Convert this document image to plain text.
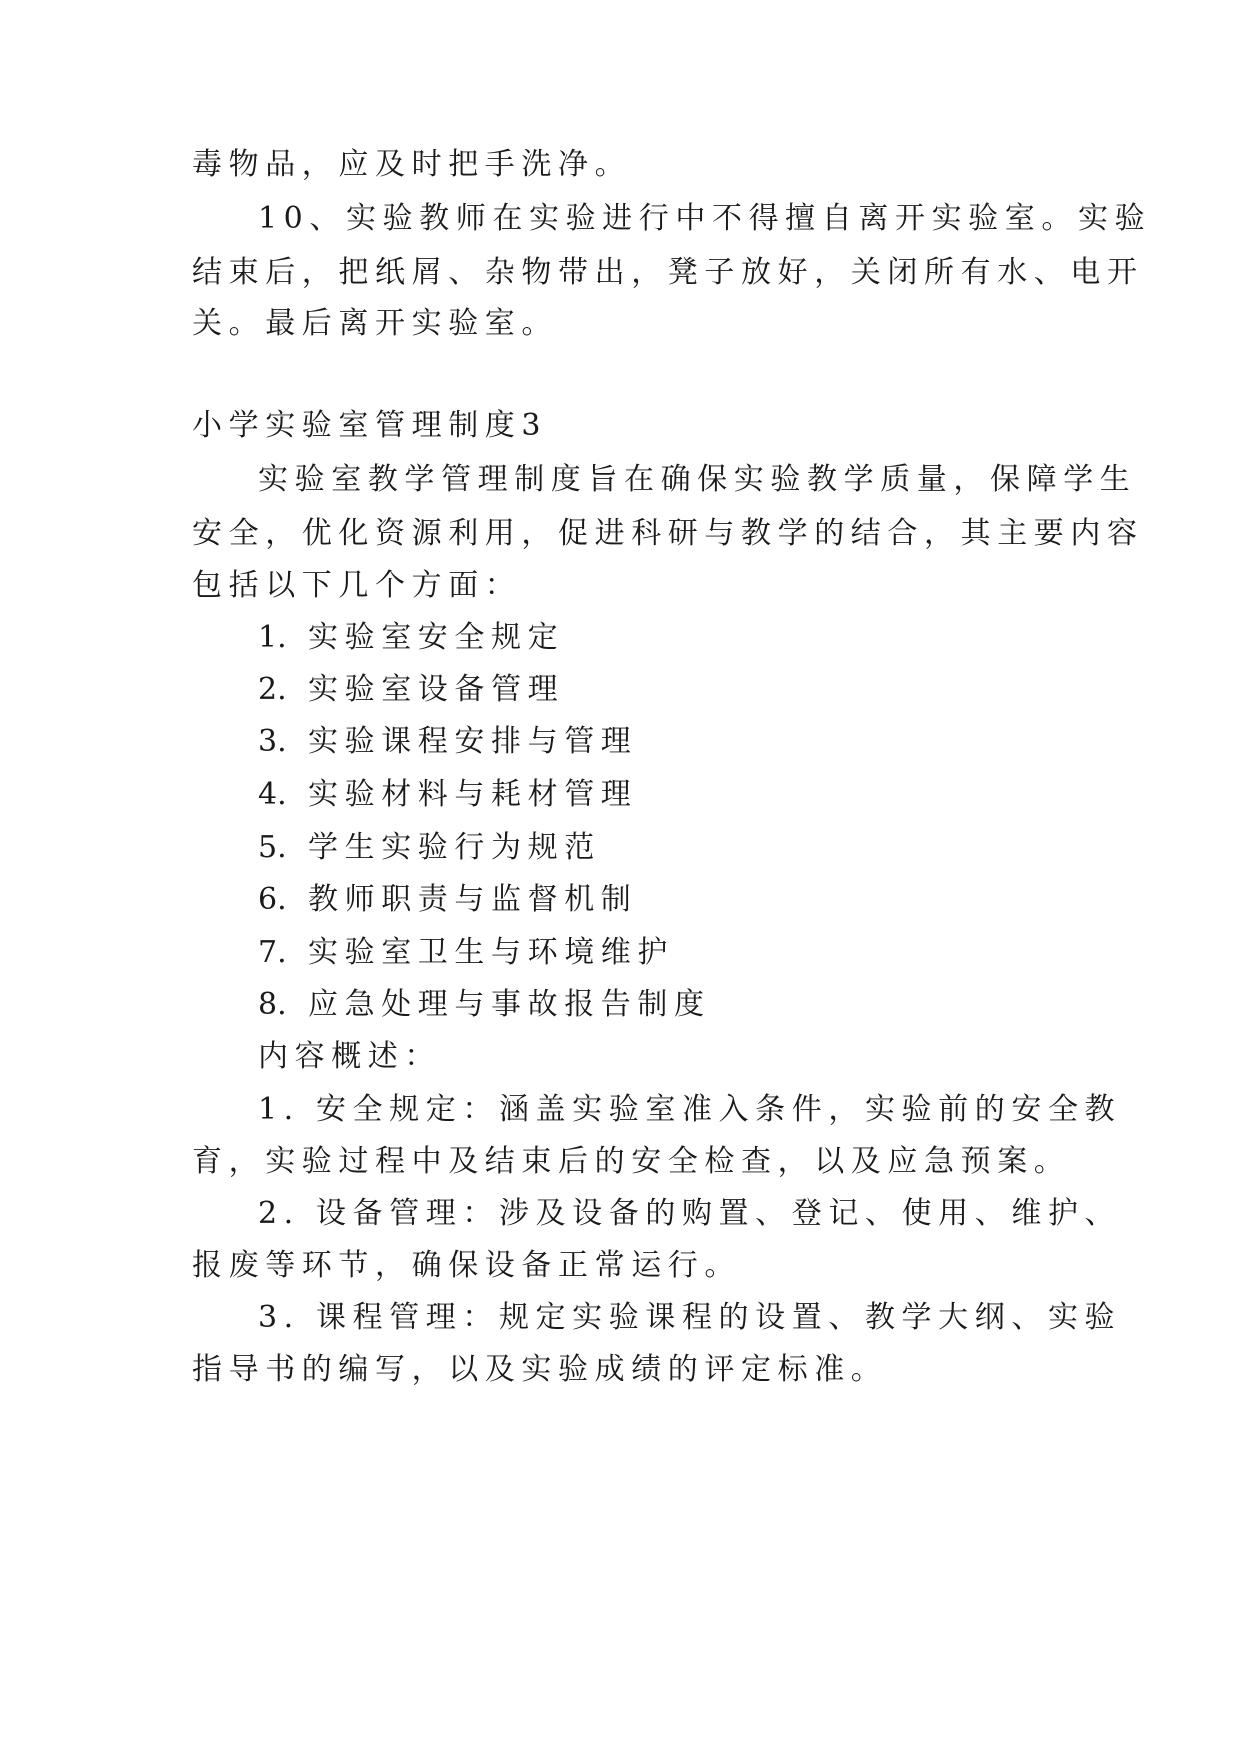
毒物品，应及时把手洗净。
10、实验教师在实验进行中不得擅自离开实验室。实验
结束后，把纸屑、杂物带出，凳子放好，关闭所有水、电开
关。最后离开实验室。
小学实验室管理制度3
实验室教学管理制度旨在确保实验教学质量，保障学生
安全，优化资源利用，促进科研与教学的结合，其主要内容
包括以下几个方面：
1. 实验室安全规定
2. 实验室设备管理
3. 实验课程安排与管理
4. 实验材料与耗材管理
5. 学生实验行为规范
6. 教师职责与监督机制
7. 实验室卫生与环境维护
8. 应急处理与事故报告制度
内容概述：
1. 安全规定：涵盖实验室准入条件，实验前的安全教
育，实验过程中及结束后的安全检查，以及应急预案。
2. 设备管理：涉及设备的购置、登记、使用、维护、
报废等环节，确保设备正常运行。
3. 课程管理：规定实验课程的设置、教学大纲、实验
指导书的编写，以及实验成绩的评定标准。
